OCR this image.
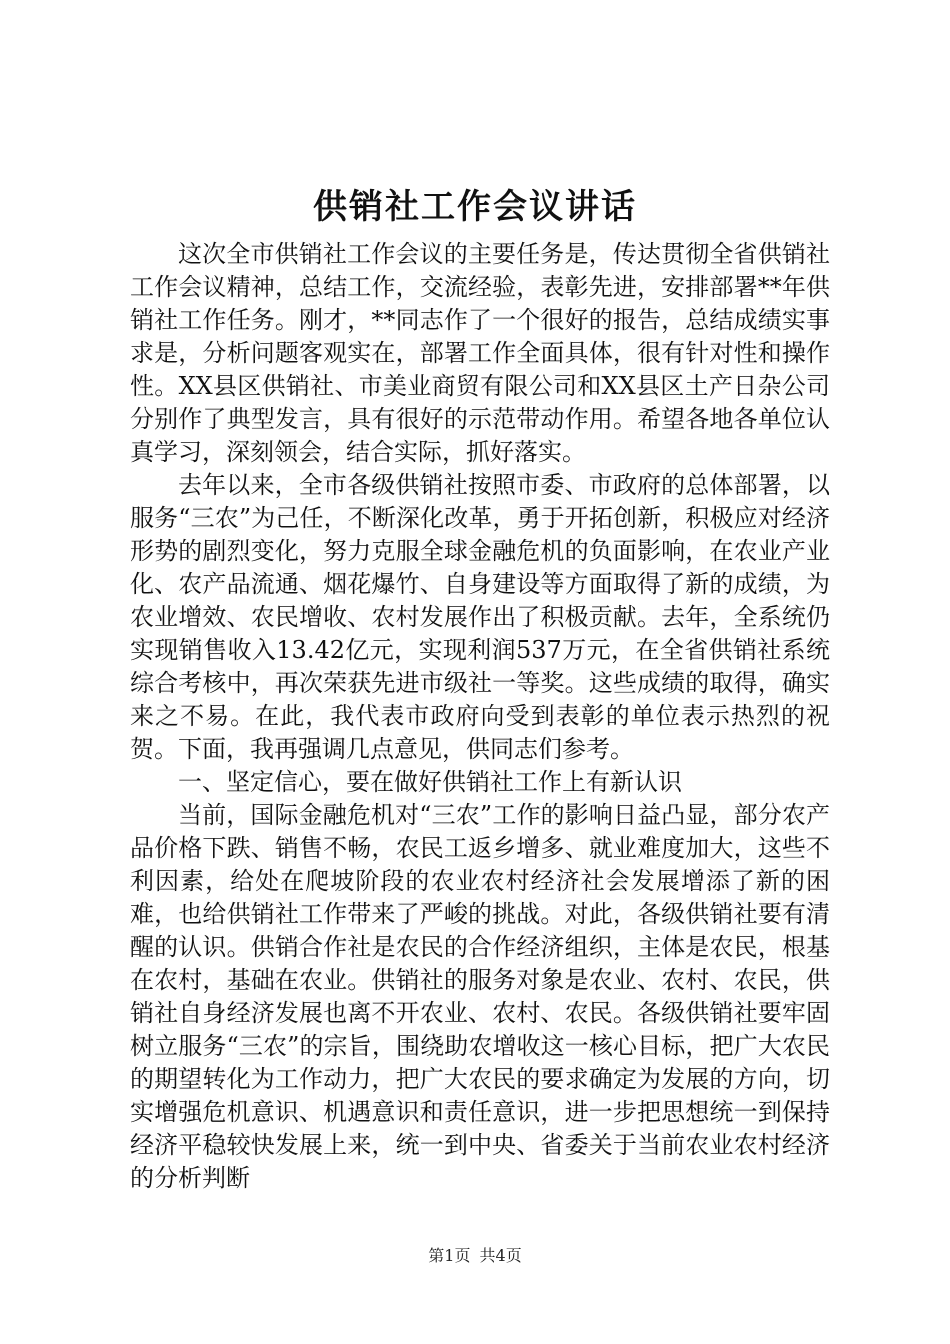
供销社工作会议讲话

这次全市供销社工作会议的主要任务是，传达贯彻全省供销社工作会议精神，总结工作，交流经验，表彰先进，安排部署**年供销社工作任务。刚才，**同志作了一个很好的报告，总结成绩实事求是，分析问题客观实在，部署工作全面具体，很有针对性和操作性。XX县区供销社、市美业商贸有限公司和XX县区土产日杂公司分别作了典型发言，具有很好的示范带动作用。希望各地各单位认真学习，深刻领会，结合实际，抓好落实。

去年以来，全市各级供销社按照市委、市政府的总体部署，以服务“三农”为己任，不断深化改革，勇于开拓创新，积极应对经济形势的剧烈变化，努力克服全球金融危机的负面影响，在农业产业化、农产品流通、烟花爆竹、自身建设等方面取得了新的成绩，为农业增效、农民增收、农村发展作出了积极贡献。去年，全系统仍实现销售收入13.42亿元，实现利润537万元，在全省供销社系统综合考核中，再次荣获先进市级社一等奖。这些成绩的取得，确实来之不易。在此，我代表市政府向受到表彰的单位表示热烈的祝贺。下面，我再强调几点意见，供同志们参考。

一、坚定信心，要在做好供销社工作上有新认识

当前，国际金融危机对“三农”工作的影响日益凸显，部分农产品价格下跌、销售不畅，农民工返乡增多、就业难度加大，这些不利因素，给处在爬坡阶段的农业农村经济社会发展增添了新的困难，也给供销社工作带来了严峻的挑战。对此，各级供销社要有清醒的认识。供销合作社是农民的合作经济组织，主体是农民，根基在农村，基础在农业。供销社的服务对象是农业、农村、农民，供销社自身经济发展也离不开农业、农村、农民。各级供销社要牢固树立服务“三农”的宗旨，围绕助农增收这一核心目标，把广大农民的期望转化为工作动力，把广大农民的要求确定为发展的方向，切实增强危机意识、机遇意识和责任意识，进一步把思想统一到保持经济平稳较快发展上来，统一到中央、省委关于当前农业农村经济的分析判断

第1页 共4页
